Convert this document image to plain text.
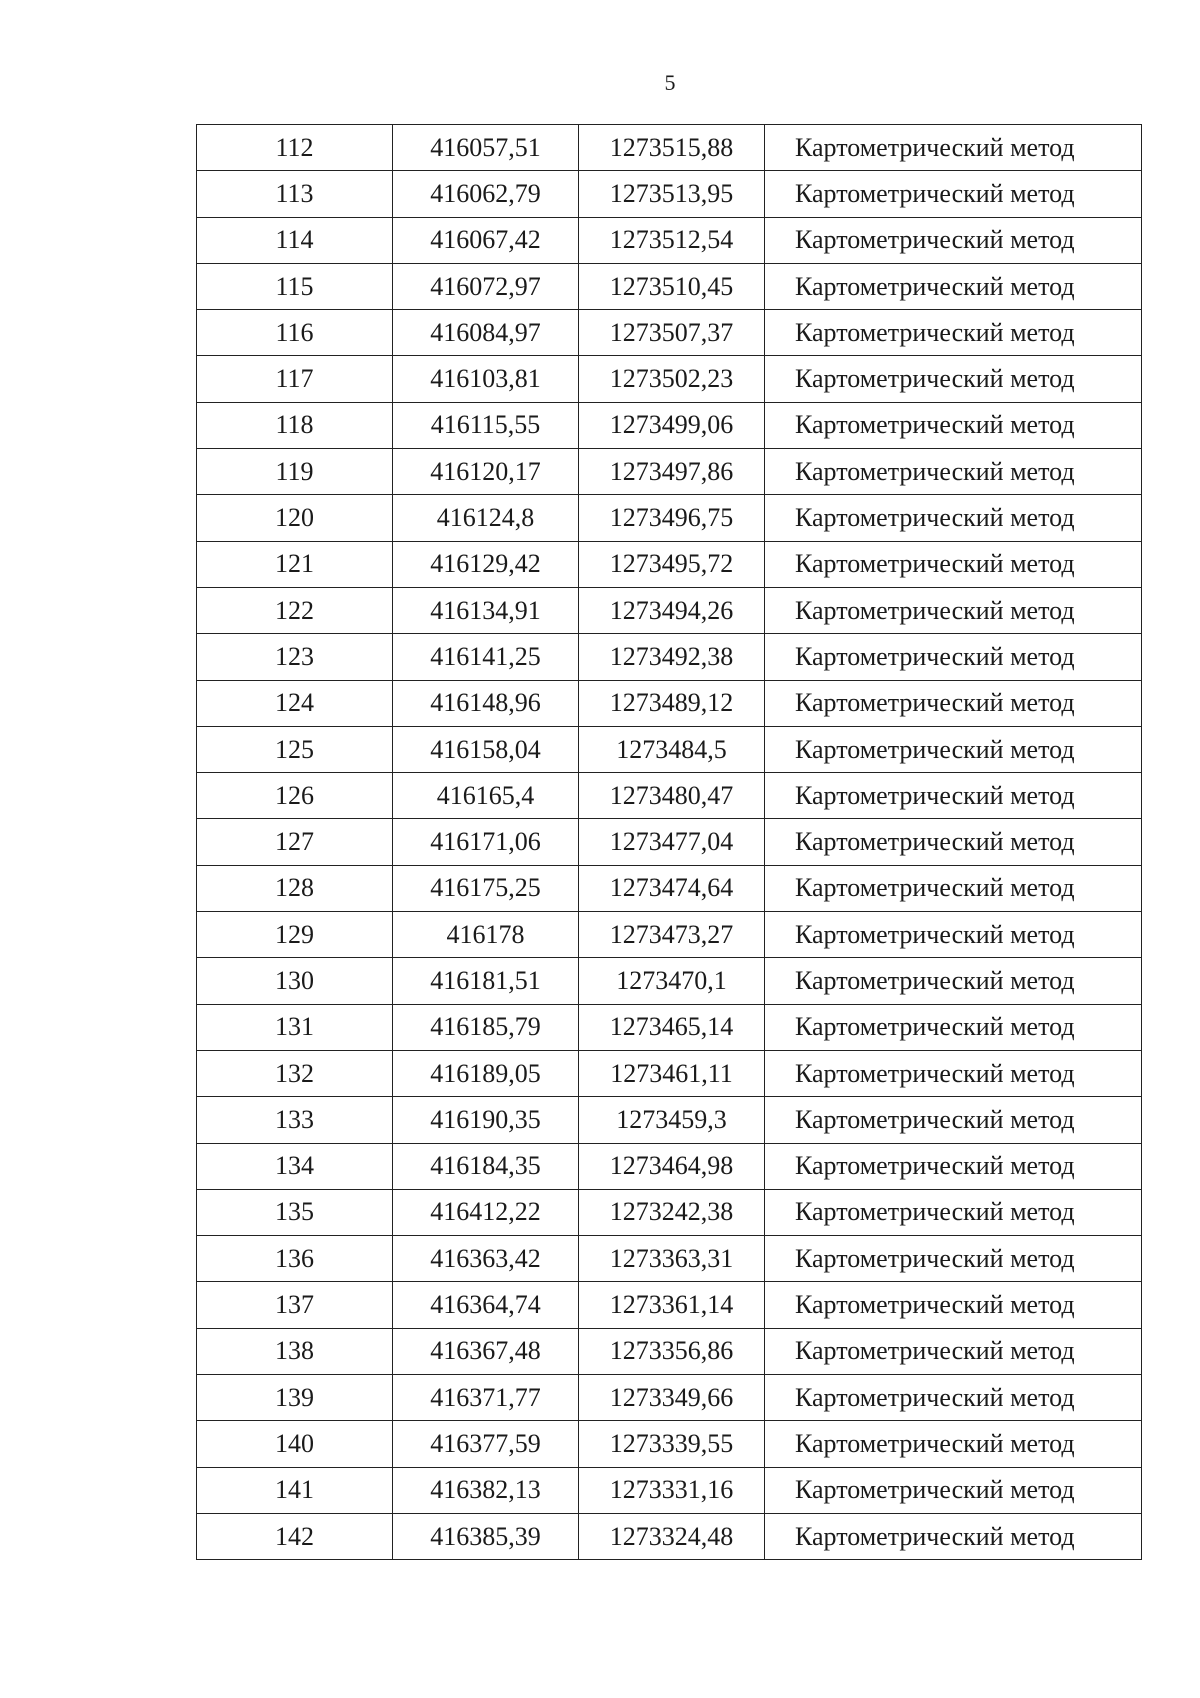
5
112	416057,51	1273515,88	Картометрический метод
113	416062,79	1273513,95	Картометрический метод
114	416067,42	1273512,54	Картометрический метод
115	416072,97	1273510,45	Картометрический метод
116	416084,97	1273507,37	Картометрический метод
117	416103,81	1273502,23	Картометрический метод
118	416115,55	1273499,06	Картометрический метод
119	416120,17	1273497,86	Картометрический метод
120	416124,8	1273496,75	Картометрический метод
121	416129,42	1273495,72	Картометрический метод
122	416134,91	1273494,26	Картометрический метод
123	416141,25	1273492,38	Картометрический метод
124	416148,96	1273489,12	Картометрический метод
125	416158,04	1273484,5	Картометрический метод
126	416165,4	1273480,47	Картометрический метод
127	416171,06	1273477,04	Картометрический метод
128	416175,25	1273474,64	Картометрический метод
129	416178	1273473,27	Картометрический метод
130	416181,51	1273470,1	Картометрический метод
131	416185,79	1273465,14	Картометрический метод
132	416189,05	1273461,11	Картометрический метод
133	416190,35	1273459,3	Картометрический метод
134	416184,35	1273464,98	Картометрический метод
135	416412,22	1273242,38	Картометрический метод
136	416363,42	1273363,31	Картометрический метод
137	416364,74	1273361,14	Картометрический метод
138	416367,48	1273356,86	Картометрический метод
139	416371,77	1273349,66	Картометрический метод
140	416377,59	1273339,55	Картометрический метод
141	416382,13	1273331,16	Картометрический метод
142	416385,39	1273324,48	Картометрический метод
